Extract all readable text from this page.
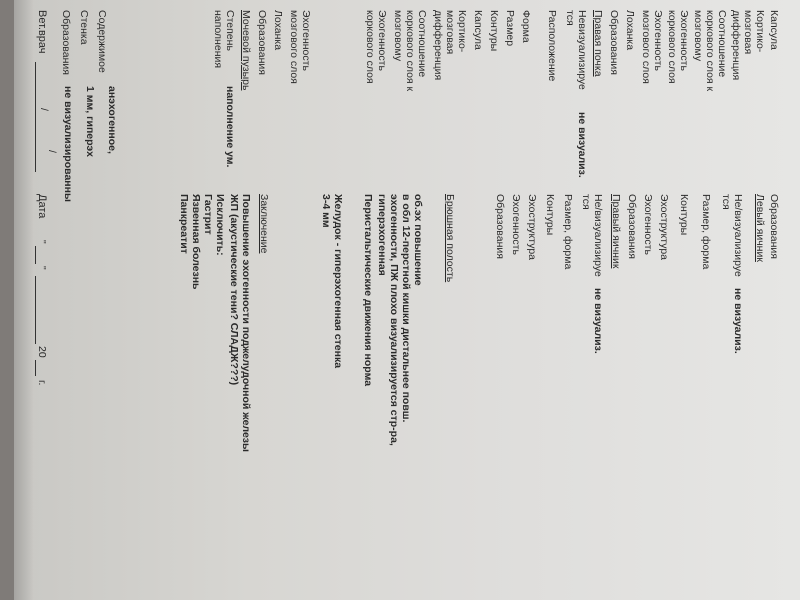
Капсула
Кортико-
мозговая
дифференция
Соотношение
коркового слоя к
мозговому
Эхогенность
коркового слоя
Эхогенность
мозгового слоя
Лоханка
Образования
Правая почка
Невизуализируе
не визуализ.
тся
Расположение
Форма
Размер
Контуры
Капсула
Кортико-
мозговая
дифференция
Соотношение
коркового слоя к
мозговому
Эхогенность
коркового слоя
Эхогенность
мозгового слоя
Лоханка
Образования
Мочевой пузырь
Степень
наполнение ум.
наполнения
Содержимое
анэхогенное,
Стенка
1 мм, гиперэх
Образования
не визуализированны
Образования
Левый яичник
Не/визуализируе
не визуализ.
тся
Размер, форма
Контуры
Эхоструктура
Эхогенность
Образования
Правый яичник
Не/визуализируе
не визуализ.
тся
Размер, форма
Контуры
Эхоструктура
Эхогенность
Образования
Брюшная полость
об.эх повышение
в обл 12-перстной кишки дистальнее повш.
эхогенности, ПЖ плохо визуализируется стр-ра,
гиперэхогенная
Перистальтические движения норма
Желудок - гиперэхогенная стенка
3-4 мм
Заключение
Повышение эхогенности поджелудочной железы
ЖП (акустические тени? СЛАДЖ???)
Исключить:
Гастрит
Язвенная болезнь
Панкреатит
Вет.врач
/
/
Дата
"
"
20
г.
